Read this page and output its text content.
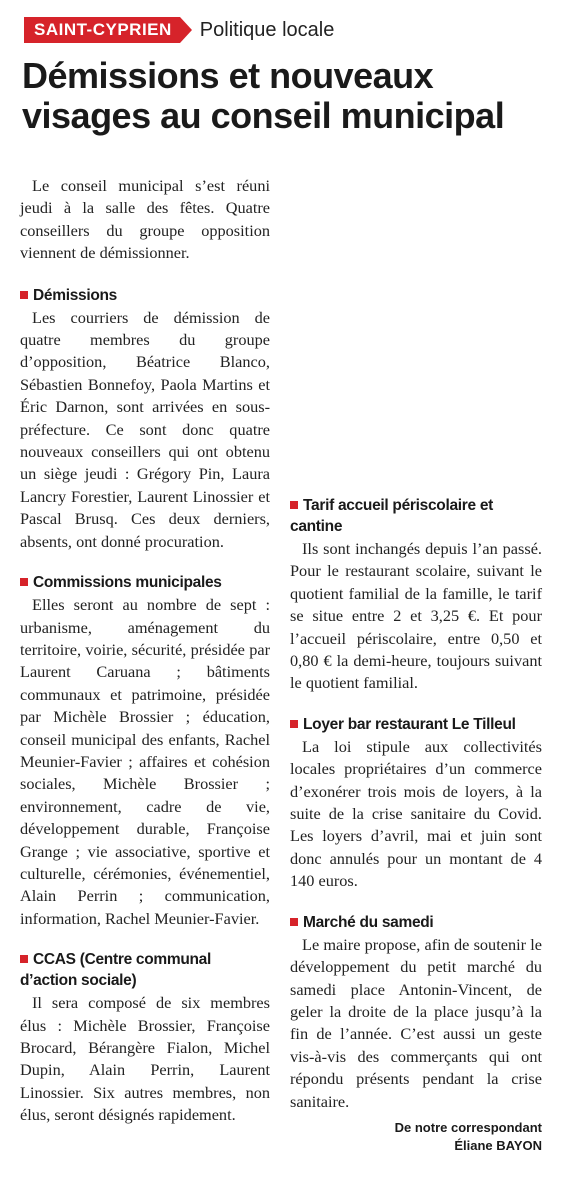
SAINT-CYPRIEN	Politique locale
Démissions et nouveaux visages au conseil municipal

Le conseil municipal s’est réuni jeudi à la salle des fêtes. Quatre conseillers du groupe opposition viennent de démissionner.

Démissions

Les courriers de démission de quatre membres du groupe d’opposition, Béatrice Blanco, Sébastien Bonnefoy, Paola Martins et Éric Darnon, sont arrivées en sous-préfecture. Ce sont donc quatre nouveaux conseillers qui ont obtenu un siège jeudi : Grégory Pin, Laura Lancry Forestier, Laurent Linossier et Pascal Brusq. Ces deux derniers, absents, ont donné procuration.

Commissions municipales

Elles seront au nombre de sept : urbanisme, aménagement du territoire, voirie, sécurité, présidée par Laurent Caruana ; bâtiments communaux et patrimoine, présidée par Michèle Brossier ; éducation, conseil municipal des enfants, Rachel Meunier-Favier ; affaires et cohésion sociales, Michèle Brossier ; environnement, cadre de vie, développement durable, Françoise Grange ; vie associative, sportive et culturelle, cérémonies, événementiel, Alain Perrin ; communication, information, Rachel Meunier-Favier.

CCAS (Centre communal d’action sociale)

Il sera composé de six membres élus : Michèle Brossier, Françoise Brocard, Bérangère Fialon, Michel Dupin, Alain Perrin, Laurent Linossier. Six autres membres, non élus, seront désignés rapidement.

Tarif accueil périscolaire et cantine

Ils sont inchangés depuis l’an passé. Pour le restaurant scolaire, suivant le quotient familial de la famille, le tarif se situe entre 2 et 3,25 €. Et pour l’accueil périscolaire, entre 0,50 et 0,80 € la demi-heure, toujours suivant le quotient familial.

Loyer bar restaurant Le Tilleul

La loi stipule aux collectivités locales propriétaires d’un commerce d’exonérer trois mois de loyers, à la suite de la crise sanitaire du Covid. Les loyers d’avril, mai et juin sont donc annulés pour un montant de 4 140 euros.

Marché du samedi

Le maire propose, afin de soutenir le développement du petit marché du samedi place Antonin-Vincent, de geler la droite de la place jusqu’à la fin de l’année. C’est aussi un geste vis-à-vis des commerçants qui ont répondu présents pendant la crise sanitaire.

De notre correspondant
Éliane BAYON
